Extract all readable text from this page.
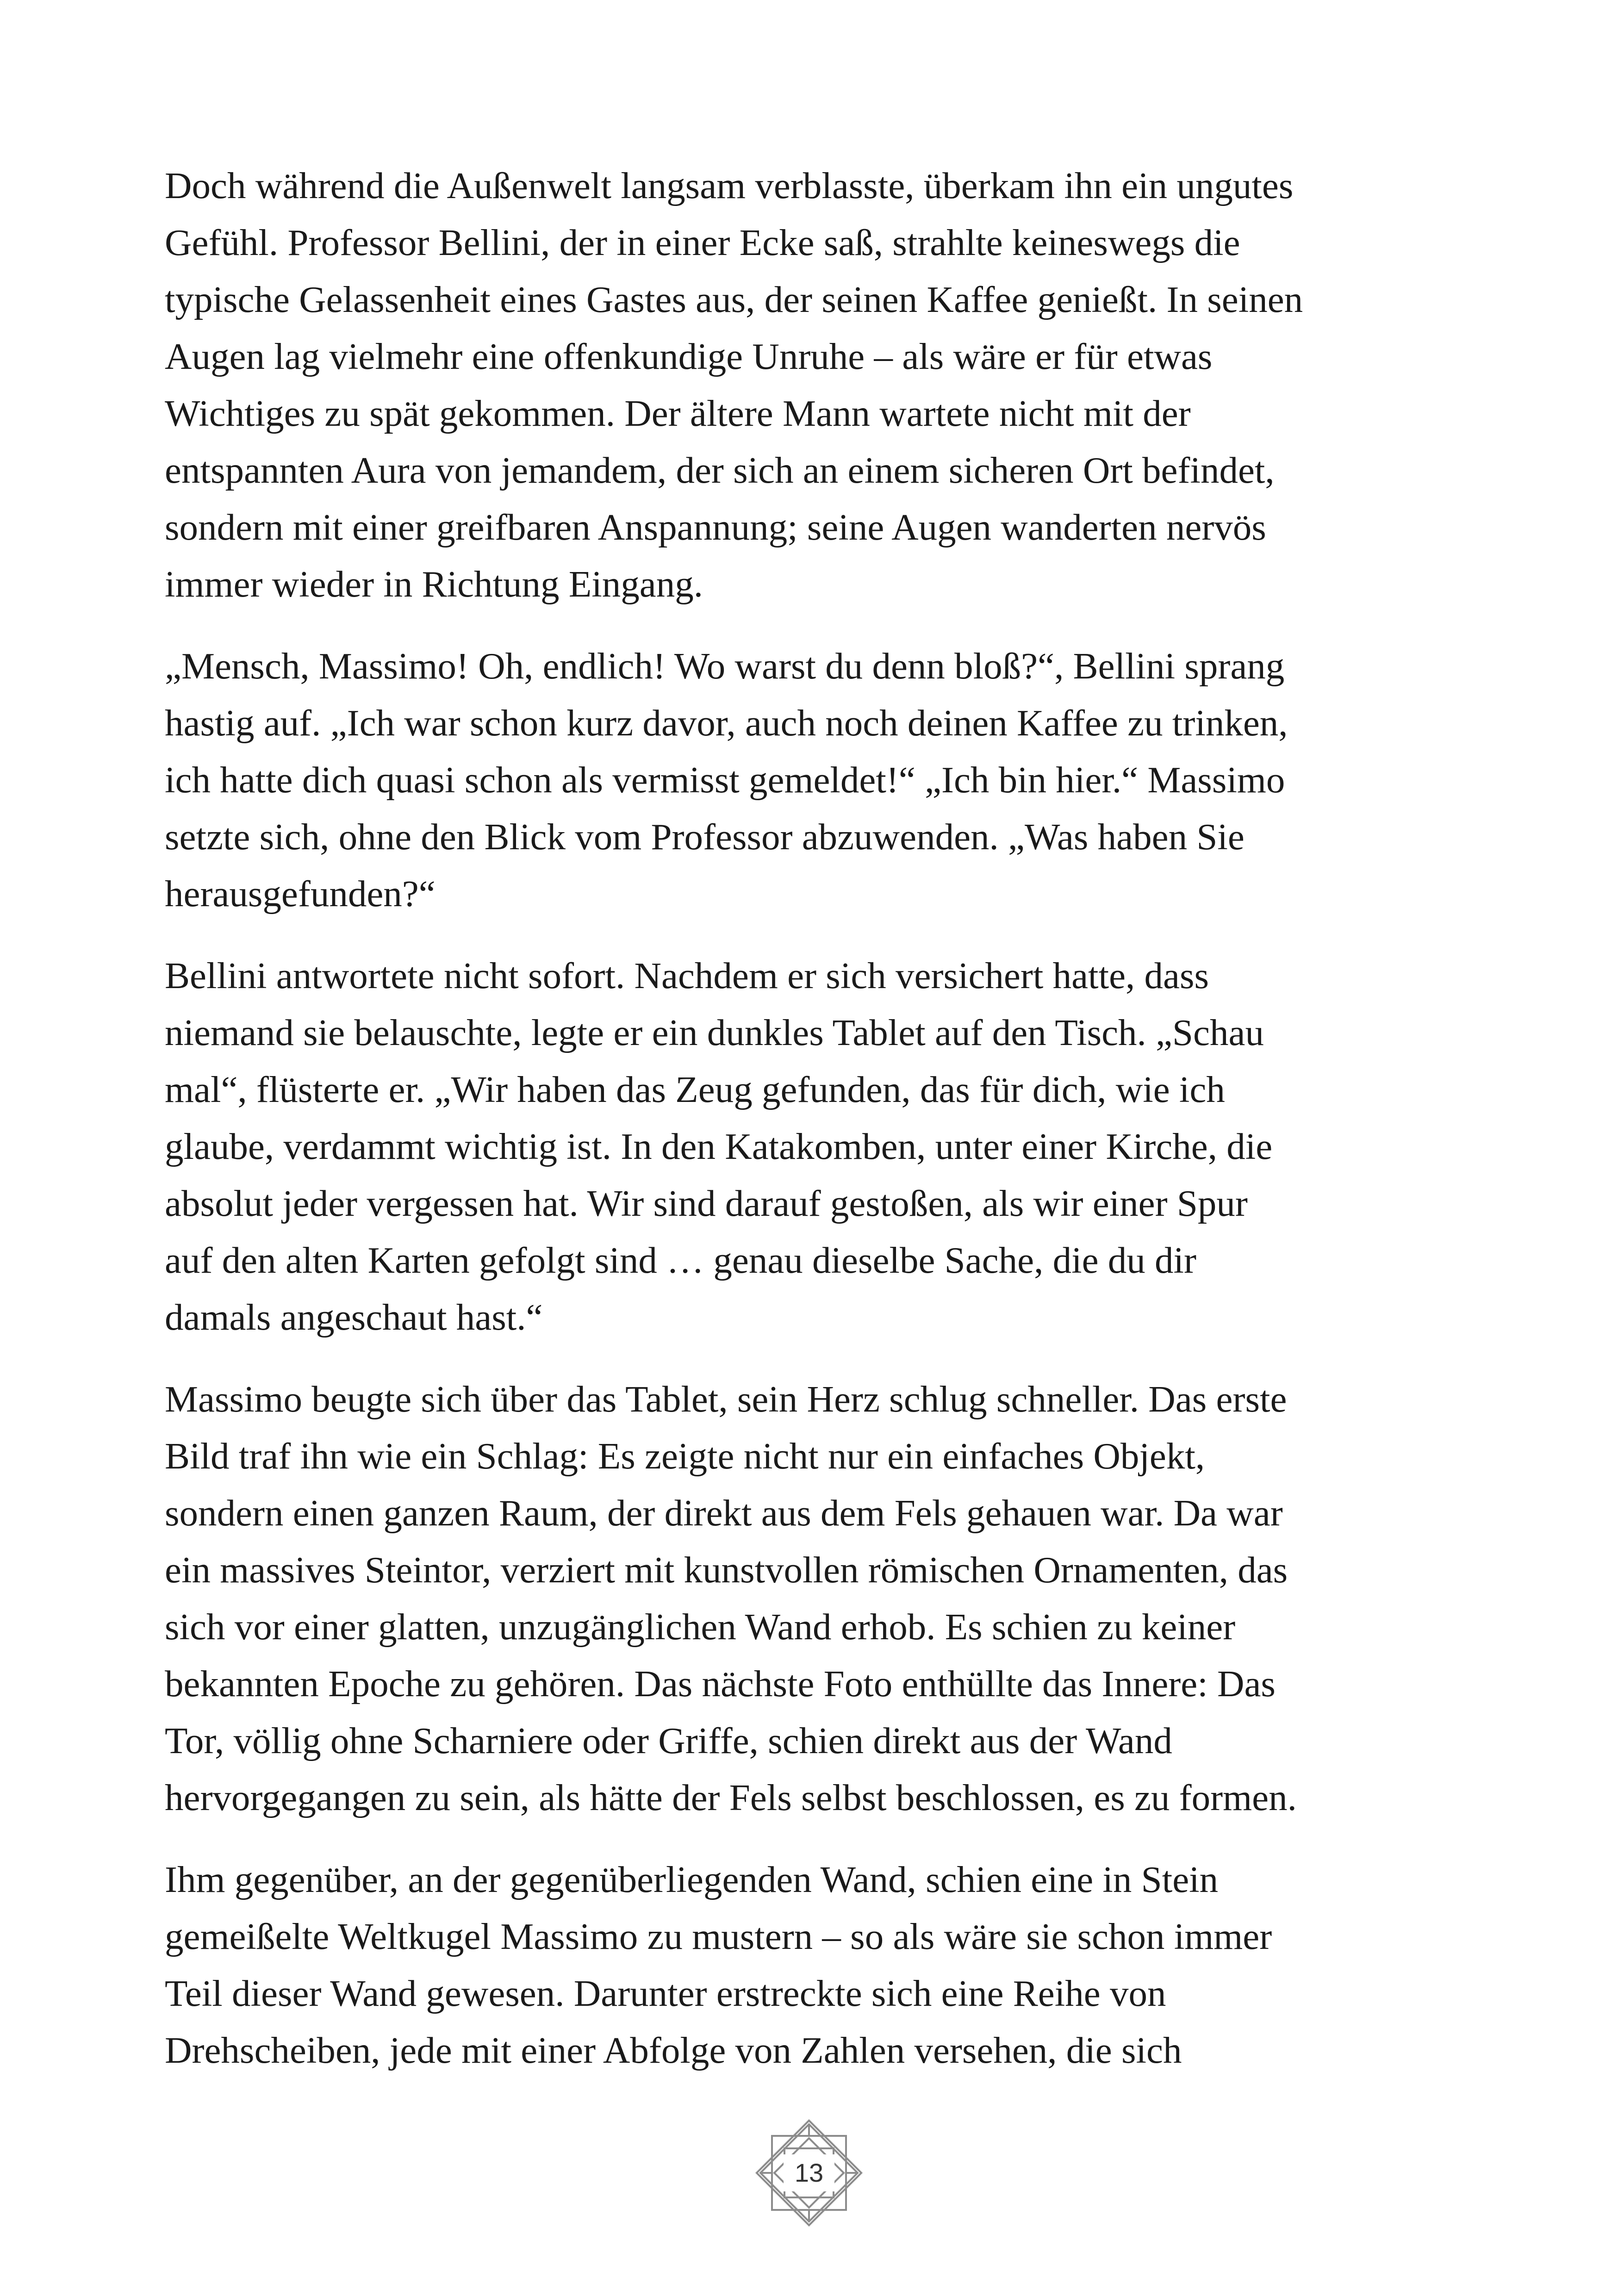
Doch während die Außenwelt langsam verblasste, überkam ihn ein ungutes
Gefühl. Professor Bellini, der in einer Ecke saß, strahlte keineswegs die
typische Gelassenheit eines Gastes aus, der seinen Kaffee genießt. In seinen
Augen lag vielmehr eine offenkundige Unruhe – als wäre er für etwas
Wichtiges zu spät gekommen. Der ältere Mann wartete nicht mit der
entspannten Aura von jemandem, der sich an einem sicheren Ort befindet,
sondern mit einer greifbaren Anspannung; seine Augen wanderten nervös
immer wieder in Richtung Eingang.

„Mensch, Massimo! Oh, endlich! Wo warst du denn bloß?“, Bellini sprang
hastig auf. „Ich war schon kurz davor, auch noch deinen Kaffee zu trinken,
ich hatte dich quasi schon als vermisst gemeldet!“ „Ich bin hier.“ Massimo
setzte sich, ohne den Blick vom Professor abzuwenden. „Was haben Sie
herausgefunden?“

Bellini antwortete nicht sofort. Nachdem er sich versichert hatte, dass
niemand sie belauschte, legte er ein dunkles Tablet auf den Tisch. „Schau
mal“, flüsterte er. „Wir haben das Zeug gefunden, das für dich, wie ich
glaube, verdammt wichtig ist. In den Katakomben, unter einer Kirche, die
absolut jeder vergessen hat. Wir sind darauf gestoßen, als wir einer Spur
auf den alten Karten gefolgt sind … genau dieselbe Sache, die du dir
damals angeschaut hast.“

Massimo beugte sich über das Tablet, sein Herz schlug schneller. Das erste
Bild traf ihn wie ein Schlag: Es zeigte nicht nur ein einfaches Objekt,
sondern einen ganzen Raum, der direkt aus dem Fels gehauen war. Da war
ein massives Steintor, verziert mit kunstvollen römischen Ornamenten, das
sich vor einer glatten, unzugänglichen Wand erhob. Es schien zu keiner
bekannten Epoche zu gehören. Das nächste Foto enthüllte das Innere: Das
Tor, völlig ohne Scharniere oder Griffe, schien direkt aus der Wand
hervorgegangen zu sein, als hätte der Fels selbst beschlossen, es zu formen.

Ihm gegenüber, an der gegenüberliegenden Wand, schien eine in Stein
gemeißelte Weltkugel Massimo zu mustern – so als wäre sie schon immer
Teil dieser Wand gewesen. Darunter erstreckte sich eine Reihe von
Drehscheiben, jede mit einer Abfolge von Zahlen versehen, die sich

13
